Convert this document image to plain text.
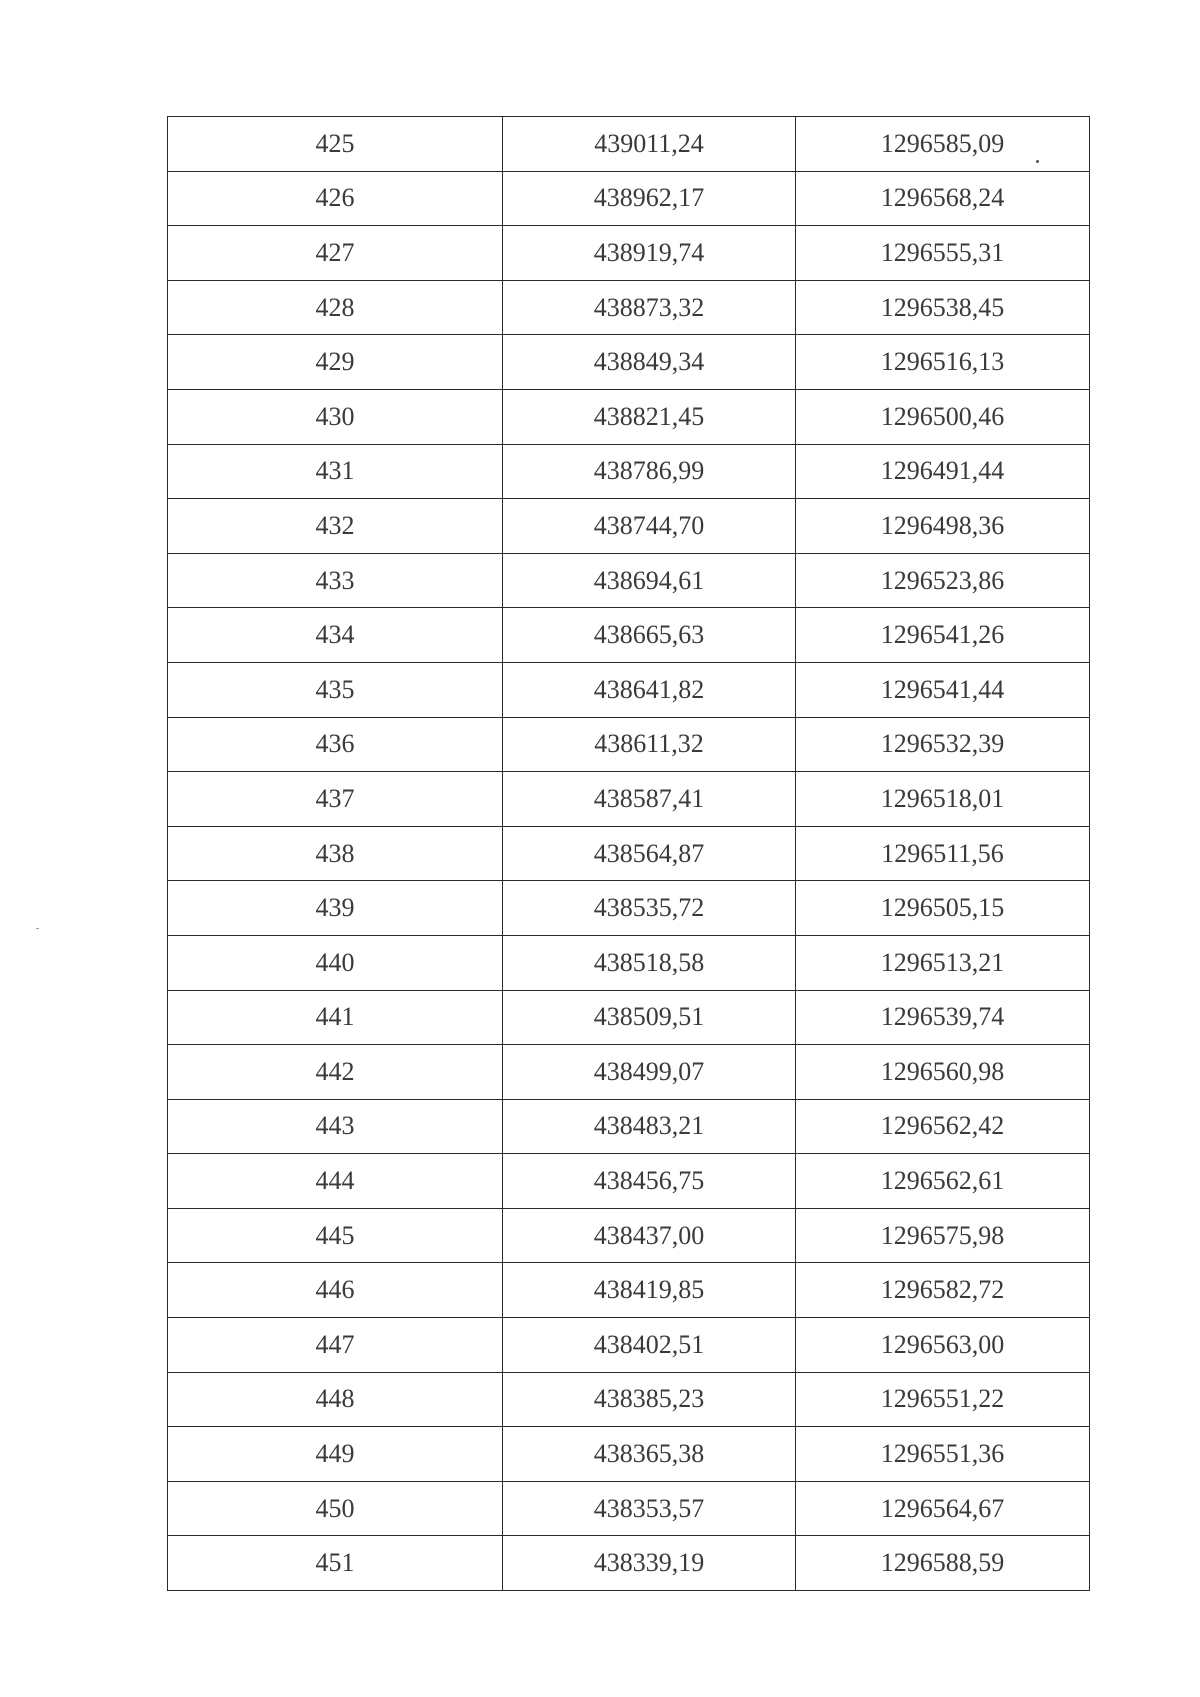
425	439011,24	1296585,09
426	438962,17	1296568,24
427	438919,74	1296555,31
428	438873,32	1296538,45
429	438849,34	1296516,13
430	438821,45	1296500,46
431	438786,99	1296491,44
432	438744,70	1296498,36
433	438694,61	1296523,86
434	438665,63	1296541,26
435	438641,82	1296541,44
436	438611,32	1296532,39
437	438587,41	1296518,01
438	438564,87	1296511,56
439	438535,72	1296505,15
440	438518,58	1296513,21
441	438509,51	1296539,74
442	438499,07	1296560,98
443	438483,21	1296562,42
444	438456,75	1296562,61
445	438437,00	1296575,98
446	438419,85	1296582,72
447	438402,51	1296563,00
448	438385,23	1296551,22
449	438365,38	1296551,36
450	438353,57	1296564,67
451	438339,19	1296588,59
